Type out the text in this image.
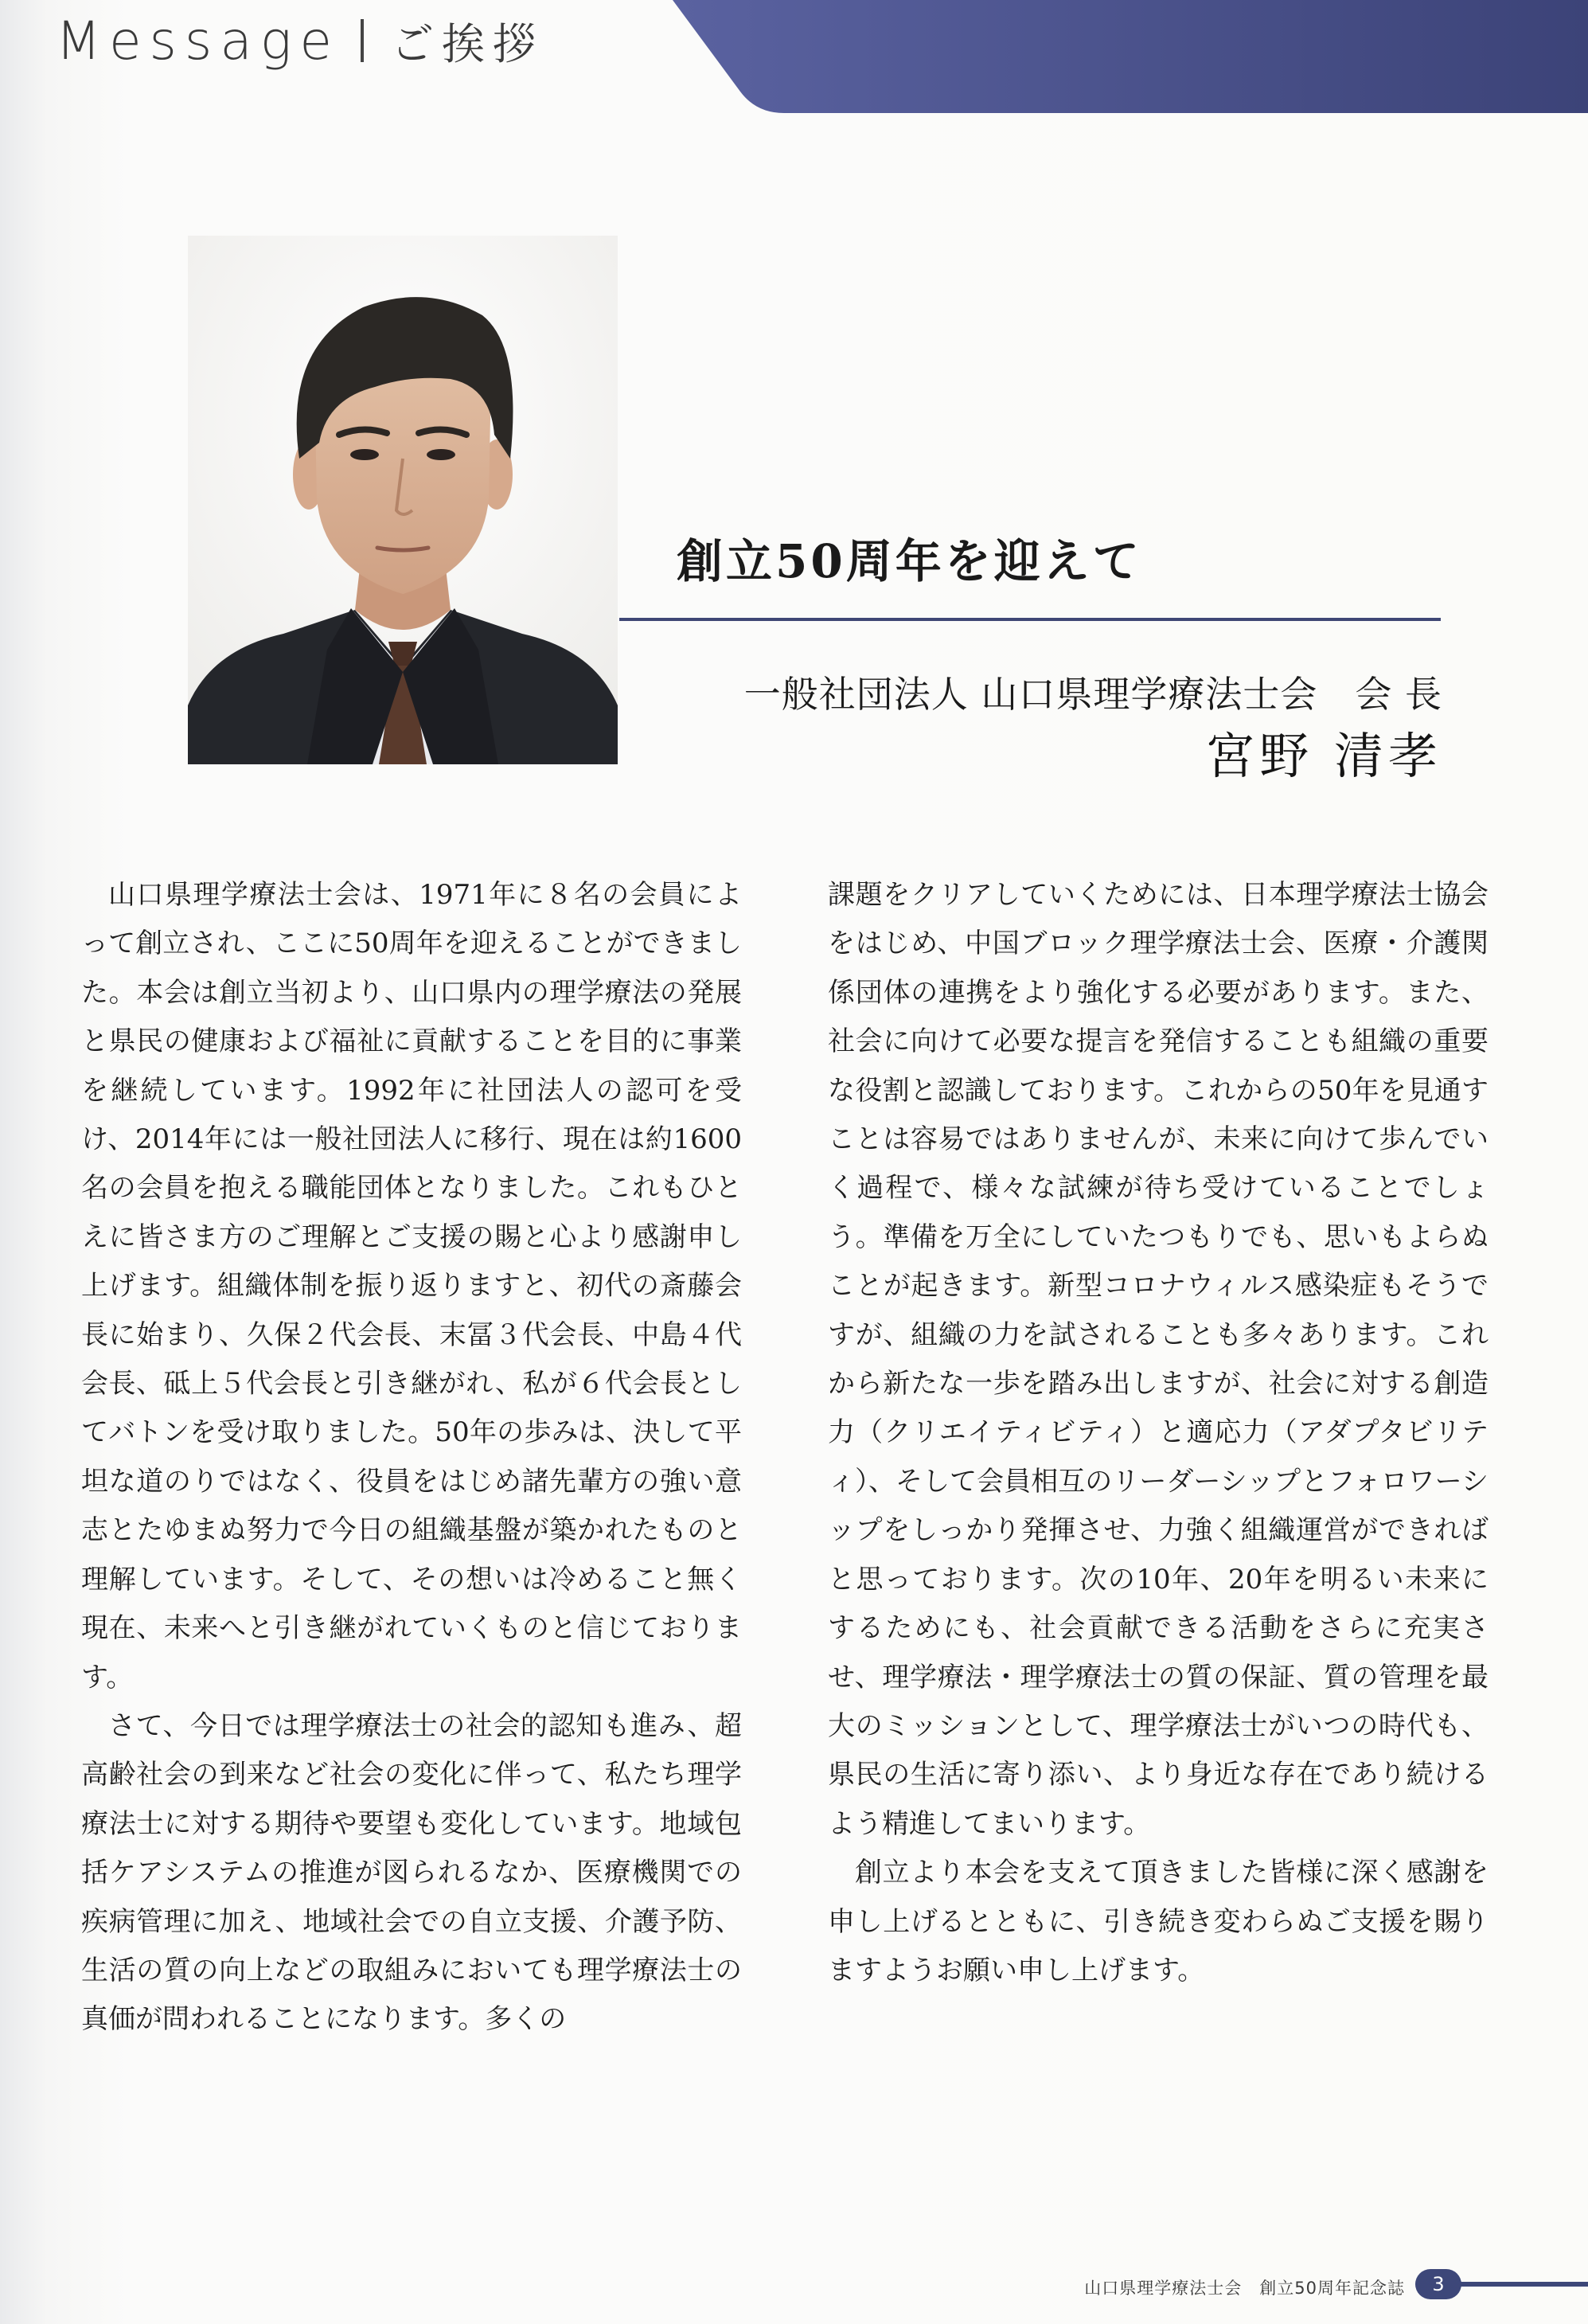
Message ご挨拶
創立50周年を迎えて
一般社団法人 山口県理学療法士会　会 長
宮野 清孝

山口県理学療法士会は、1971年に８名の会員によって創立され、ここに50周年を迎えることができました。本会は創立当初より、山口県内の理学療法の発展と県民の健康および福祉に貢献することを目的に事業を継続しています。1992年に社団法人の認可を受け、2014年には一般社団法人に移行、現在は約1600名の会員を抱える職能団体となりました。これもひとえに皆さま方のご理解とご支援の賜と心より感謝申し上げます。組織体制を振り返りますと、初代の斎藤会長に始まり、久保２代会長、末冨３代会長、中島４代会長、砥上５代会長と引き継がれ、私が６代会長としてバトンを受け取りました。50年の歩みは、決して平坦な道のりではなく、役員をはじめ諸先輩方の強い意志とたゆまぬ努力で今日の組織基盤が築かれたものと理解しています。そして、その想いは冷めること無く現在、未来へと引き継がれていくものと信じております。

さて、今日では理学療法士の社会的認知も進み、超高齢社会の到来など社会の変化に伴って、私たち理学療法士に対する期待や要望も変化しています。地域包括ケアシステムの推進が図られるなか、医療機関での疾病管理に加え、地域社会での自立支援、介護予防、生活の質の向上などの取組みにおいても理学療法士の真価が問われることになります。多くの

課題をクリアしていくためには、日本理学療法士協会をはじめ、中国ブロック理学療法士会、医療・介護関係団体の連携をより強化する必要があります。また、社会に向けて必要な提言を発信することも組織の重要な役割と認識しております。これからの50年を見通すことは容易ではありませんが、未来に向けて歩んでいく過程で、様々な試練が待ち受けていることでしょう。準備を万全にしていたつもりでも、思いもよらぬことが起きます。新型コロナウィルス感染症もそうですが、組織の力を試されることも多々あります。これから新たな一歩を踏み出しますが、社会に対する創造力（クリエイティビティ）と適応力（アダプタビリティ）、そして会員相互のリーダーシップとフォロワーシップをしっかり発揮させ、力強く組織運営ができればと思っております。次の10年、20年を明るい未来にするためにも、社会貢献できる活動をさらに充実させ、理学療法・理学療法士の質の保証、質の管理を最大のミッションとして、理学療法士がいつの時代も、県民の生活に寄り添い、より身近な存在であり続けるよう精進してまいります。

創立より本会を支えて頂きました皆様に深く感謝を申し上げるとともに、引き続き変わらぬご支援を賜りますようお願い申し上げます。

山口県理学療法士会　創立50周年記念誌	3
